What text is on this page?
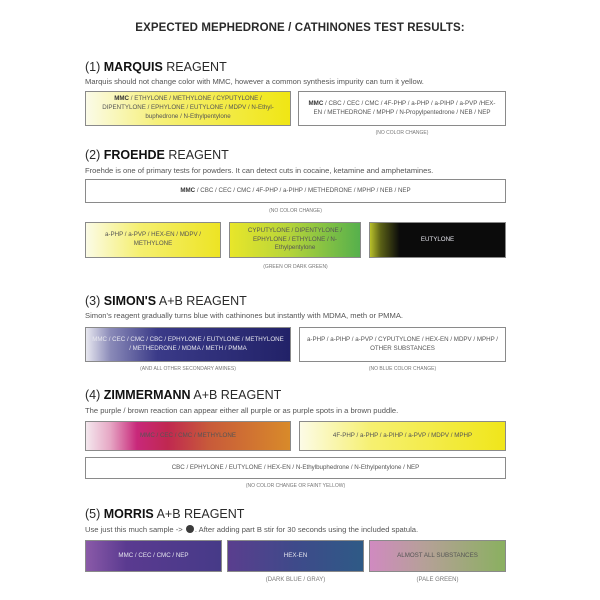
EXPECTED MEPHEDRONE / CATHINONES TEST RESULTS:
(1) MARQUIS REAGENT
Marquis should not change color with MMC, however a common synthesis impurity can turn it yellow.
MMC / ETHYLONE / METHYLONE / CYPUTYLONE / DIPENTYLONE / EPHYLONE / EUTYLONE / MDPV / N-Ethyl-buphedrone / N-Ethylpentylone
MMC / CBC / CEC / CMC / 4F-PHP / a-PHP / a-PIHP / a-PVP /HEX-EN / METHEDRONE / MPHP / N-Propylpentedrone / NEB / NEP
(NO COLOR CHANGE)
(2) FROEHDE REAGENT
Froehde is one of primary tests for powders. It can detect cuts in cocaine, ketamine and amphetamines.
MMC / CBC / CEC / CMC / 4F-PHP / a-PIHP / METHEDRONE / MPHP / NEB / NEP
(NO COLOR CHANGE)
a-PHP / a-PVP / HEX-EN / MDPV / METHYLONE
CYPUTYLONE / DIPENTYLONE / EPHYLONE / ETHYLONE / N-Ethylpentylone
EUTYLONE
(GREEN OR DARK GREEN)
(3) SIMON'S A+B REAGENT
Simon's reagent gradually turns blue with cathinones but instantly with MDMA, meth or PMMA.
MMC / CEC / CMC / CBC / EPHYLONE / EUTYLONE / METHYLONE / METHEDRONE / MDMA / METH / PMMA
(AND ALL OTHER SECONDARY AMINES)
a-PHP / a-PIHP / a-PVP / CYPUTYLONE / HEX-EN / MDPV / MPHP / OTHER SUBSTANCES
(NO BLUE COLOR CHANGE)
(4) ZIMMERMANN A+B REAGENT
The purple / brown reaction can appear either all purple or as purple spots in a brown puddle.
MMC / CEC / CMC / METHYLONE	4F-PHP / a-PHP / a-PIHP / a-PVP / MDPV / MPHP
CBC / EPHYLONE / EUTYLONE / HEX-EN / N-Ethylbuphedrone / N-Ethylpentylone / NEP
(NO COLOR CHANGE OR FAINT YELLOW)
(5) MORRIS A+B REAGENT
Use just this much sample -> . After adding part B stir for 30 seconds using the included spatula.
MMC / CEC / CMC / NEP	HEX-EN
(DARK BLUE / GRAY)
ALMOST ALL SUBSTANCES
(PALE GREEN)
